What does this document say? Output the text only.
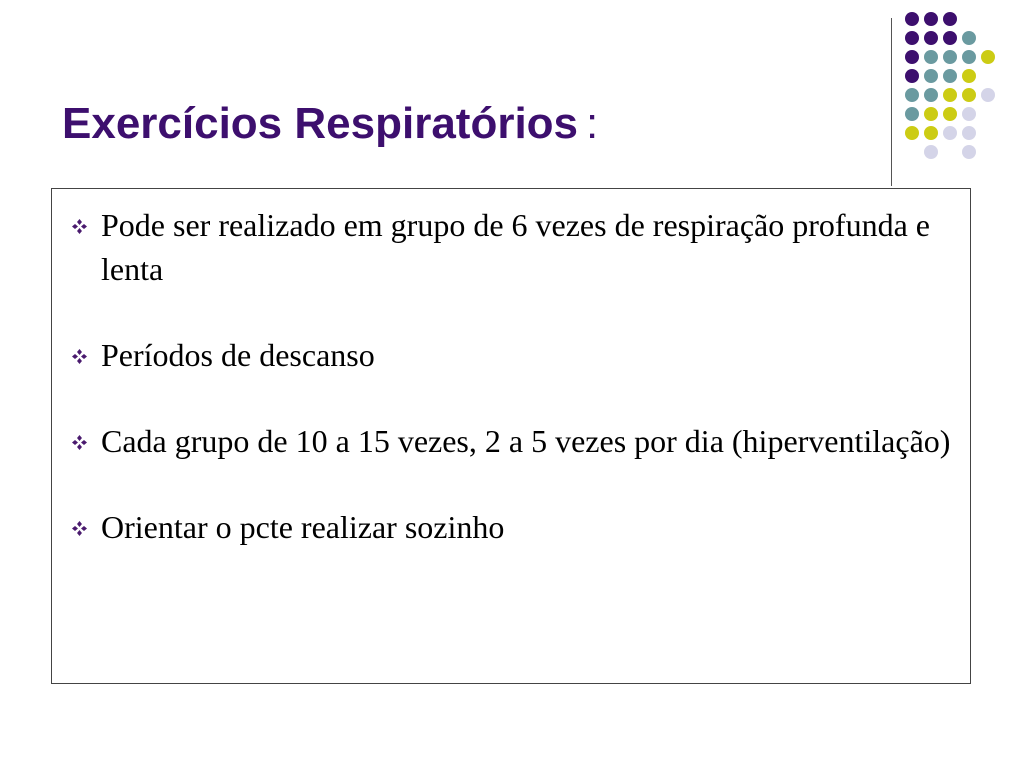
Exercícios Respiratórios :
Pode ser realizado em grupo de 6 vezes de respiração profunda e lenta
Períodos de descanso
Cada grupo de 10 a 15 vezes, 2 a 5 vezes por dia (hiperventilação)
Orientar o pcte realizar sozinho
